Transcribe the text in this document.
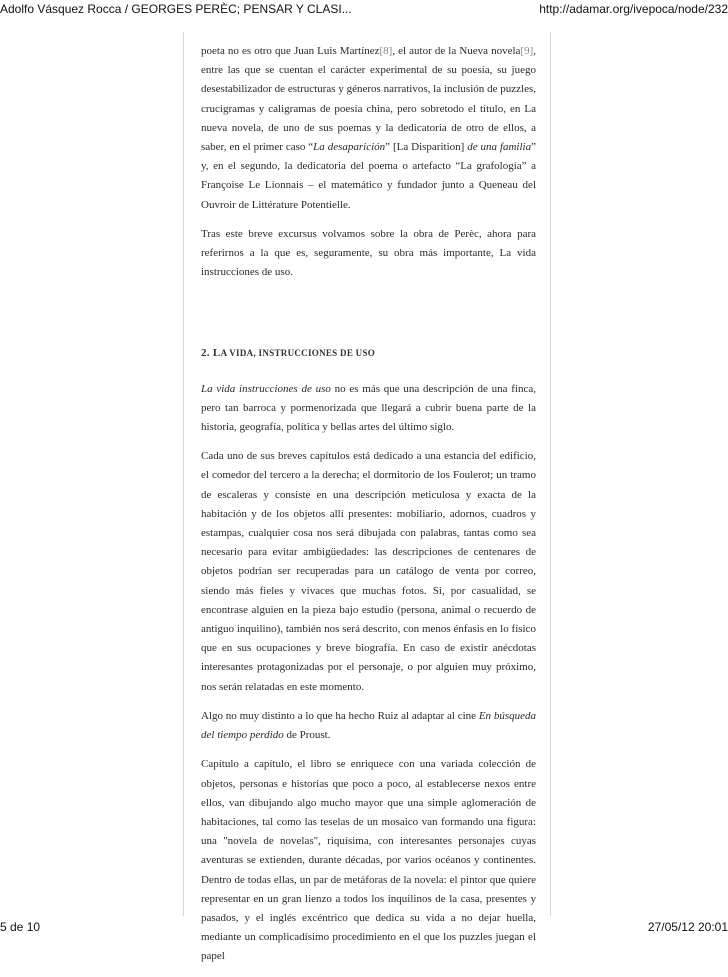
Adolfo Vásquez Rocca / GEORGES PERÈC; PENSAR Y CLASI...	http://adamar.org/ivepoca/node/232

poeta no es otro que Juan Luis Martínez[8], el autor de la Nueva novela[9], entre las que se cuentan el carácter experimental de su poesía, su juego desestabilizador de estructuras y géneros narrativos, la inclusión de puzzles, crucigramas y caligramas de poesía china, pero sobretodo el título, en La nueva novela, de uno de sus poemas y la dedicatoria de otro de ellos, a saber, en el primer caso “La desaparición” [La Disparition] de una familia” y, en el segundo, la dedicatoria del poema o artefacto “La grafología” a Françoise Le Lionnais – el matemático y fundador junto a Queneau del Ouvroir de Littérature Potentielle.

Tras este breve excursus volvamos sobre la obra de Perèc, ahora para referirnos a la que es, seguramente, su obra más importante, La vida instrucciones de uso.

2. LA VIDA, INSTRUCCIONES DE USO

La vida instrucciones de uso no es más que una descripción de una finca, pero tan barroca y pormenorizada que llegará a cubrir buena parte de la historia, geografía, política y bellas artes del último siglo.

Cada uno de sus breves capítulos está dedicado a una estancia del edificio, el comedor del tercero a la derecha; el dormitorio de los Foulerot; un tramo de escaleras y consiste en una descripción meticulosa y exacta de la habitación y de los objetos allí presentes: mobiliario, adornos, cuadros y estampas, cualquier cosa nos será dibujada con palabras, tantas como sea necesario para evitar ambigüedades: las descripciones de centenares de objetos podrían ser recuperadas para un catálogo de venta por correo, siendo más fieles y vivaces que muchas fotos. Si, por casualidad, se encontrase alguien en la pieza bajo estudio (persona, animal o recuerdo de antiguo inquilino), también nos será descrito, con menos énfasis en lo físico que en sus ocupaciones y breve biografía. En caso de existir anécdotas interesantes protagonizadas por el personaje, o por alguien muy próximo, nos serán relatadas en este momento.

Algo no muy distinto a lo que ha hecho Ruiz al adaptar al cine En búsqueda del tiempo perdido de Proust.

Capítulo a capítulo, el libro se enriquece con una variada colección de objetos, personas e historias que poco a poco, al establecerse nexos entre ellos, van dibujando algo mucho mayor que una simple aglomeración de habitaciones, tal como las teselas de un mosaico van formando una figura: una "novela de novelas", riquísima, con interesantes personajes cuyas aventuras se extienden, durante décadas, por varios océanos y continentes. Dentro de todas ellas, un par de metáforas de la novela: el pintor que quiere representar en un gran lienzo a todos los inquilinos de la casa, presentes y pasados, y el inglés excéntrico que dedica su vida a no dejar huella, mediante un complicadísimo procedimiento en el que los puzzles juegan el papel

5 de 10	27/05/12 20:01
